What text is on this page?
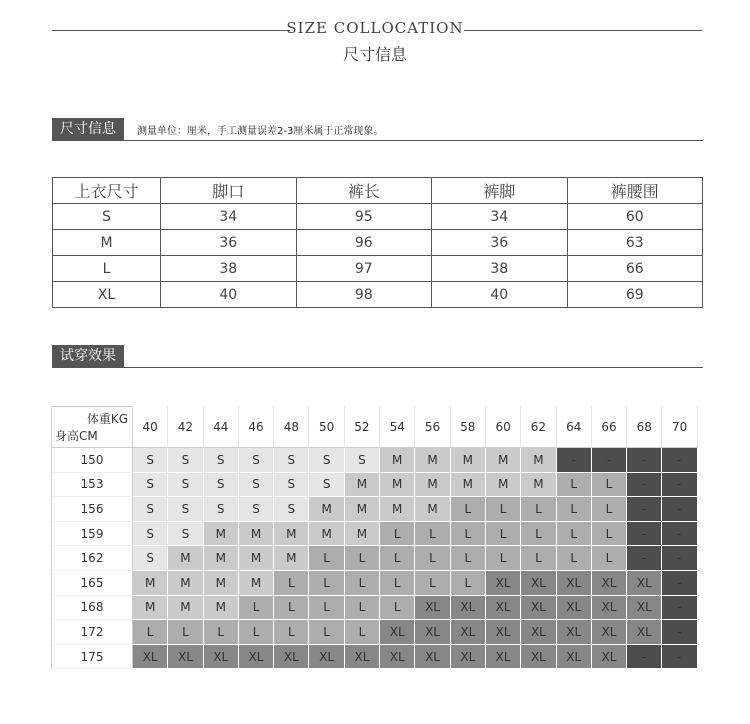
SIZE COLLOCATION
尺寸信息
尺寸信息	测量单位：厘米，手工测量误差2-3厘米属于正常现象。
上衣尺寸	脚口	裤长	裤脚	裤腰围
S	34	95	34	60
M	36	96	36	63
L	38	97	38	66
XL	40	98	40	69
试穿效果
体重KG
身高CM	40	42	44	46	48	50	52	54	56	58	60	62	64	66	68	70
150	S	S	S	S	S	S	S	M	M	M	M	M	-	-	-	-
153	S	S	S	S	S	S	M	M	M	M	M	M	L	L	-	-
156	S	S	S	S	S	M	M	M	M	L	L	L	L	L	-	-
159	S	S	M	M	M	M	M	L	L	L	L	L	L	L	-	-
162	S	M	M	M	M	L	L	L	L	L	L	L	L	L	-	-
165	M	M	M	M	L	L	L	L	L	L	XL	XL	XL	XL	XL	-
168	M	M	M	L	L	L	L	L	XL	XL	XL	XL	XL	XL	XL	-
172	L	L	L	L	L	L	L	XL	XL	XL	XL	XL	XL	XL	XL	-
175	XL	XL	XL	XL	XL	XL	XL	XL	XL	XL	XL	XL	XL	XL	-	-
